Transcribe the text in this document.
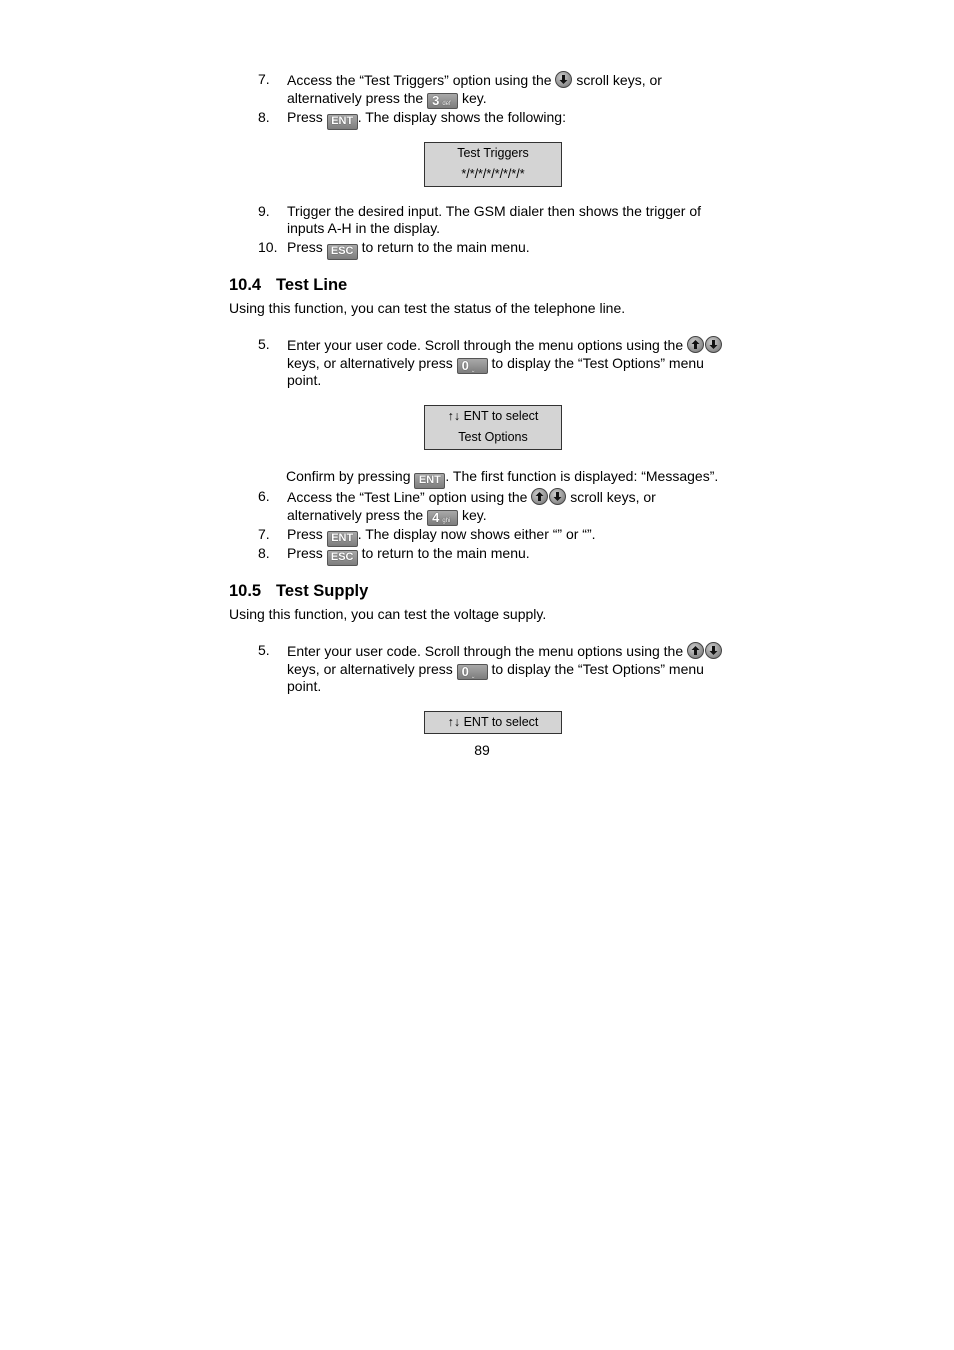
7. Access the “Test Triggers” option using the scroll keys, or
alternatively press the 3 def key.
8. Press ENT . The display shows the following:
Test Triggers
*/*/*/*/*/*/*/*
9. Trigger the desired input. The GSM dialer then shows the trigger of
inputs A-H in the display.
10. Press ESC to return to the main menu.
10.4 Test Line
Using this function, you can test the status of the telephone line.
5. Enter your user code. Scroll through the menu options using the
keys, or alternatively press 0 ⎵ to display the “Test Options” menu
point.
↑↓ ENT to select
Test Options
Confirm by pressing ENT . The first function is displayed: “Messages”.
6. Access the “Test Line” option using the	scroll keys, or
alternatively press the 4 ghi key.
7. Press ENT . The display now shows either “” or “”.
8. Press ESC to return to the main menu.
10.5 Test Supply
Using this function, you can test the voltage supply.
5. Enter your user code. Scroll through the menu options using the
keys, or alternatively press 0 ⎵ to display the “Test Options” menu
point.
↑↓ ENT to select
89
